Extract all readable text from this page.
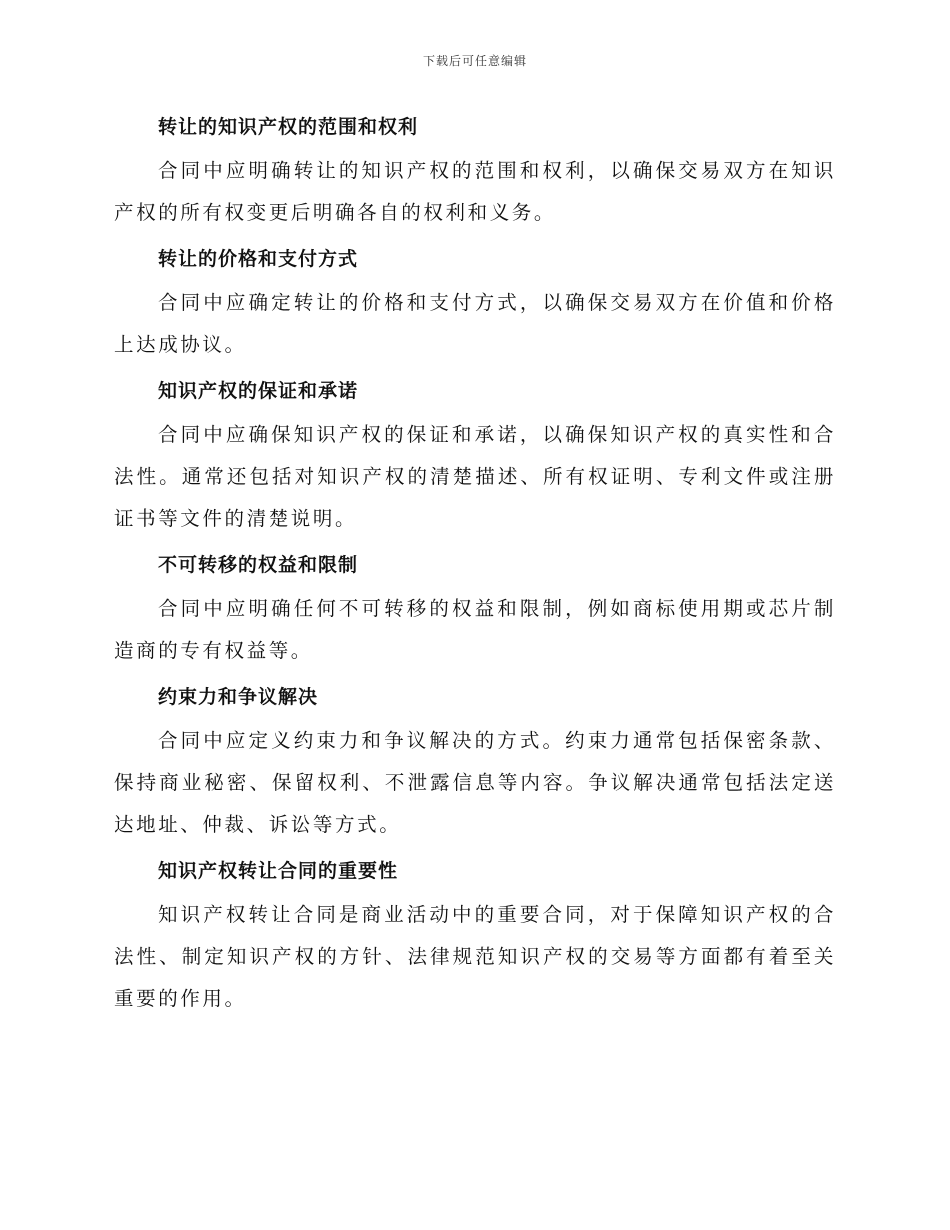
下载后可任意编辑
转让的知识产权的范围和权利

合同中应明确转让的知识产权的范围和权利，以确保交易双方在知识产权的所有权变更后明确各自的权利和义务。

转让的价格和支付方式

合同中应确定转让的价格和支付方式，以确保交易双方在价值和价格上达成协议。

知识产权的保证和承诺

合同中应确保知识产权的保证和承诺，以确保知识产权的真实性和合法性。通常还包括对知识产权的清楚描述、所有权证明、专利文件或注册证书等文件的清楚说明。

不可转移的权益和限制

合同中应明确任何不可转移的权益和限制，例如商标使用期或芯片制造商的专有权益等。

约束力和争议解决

合同中应定义约束力和争议解决的方式。约束力通常包括保密条款、保持商业秘密、保留权利、不泄露信息等内容。争议解决通常包括法定送达地址、仲裁、诉讼等方式。

知识产权转让合同的重要性

知识产权转让合同是商业活动中的重要合同，对于保障知识产权的合法性、制定知识产权的方针、法律规范知识产权的交易等方面都有着至关重要的作用。
